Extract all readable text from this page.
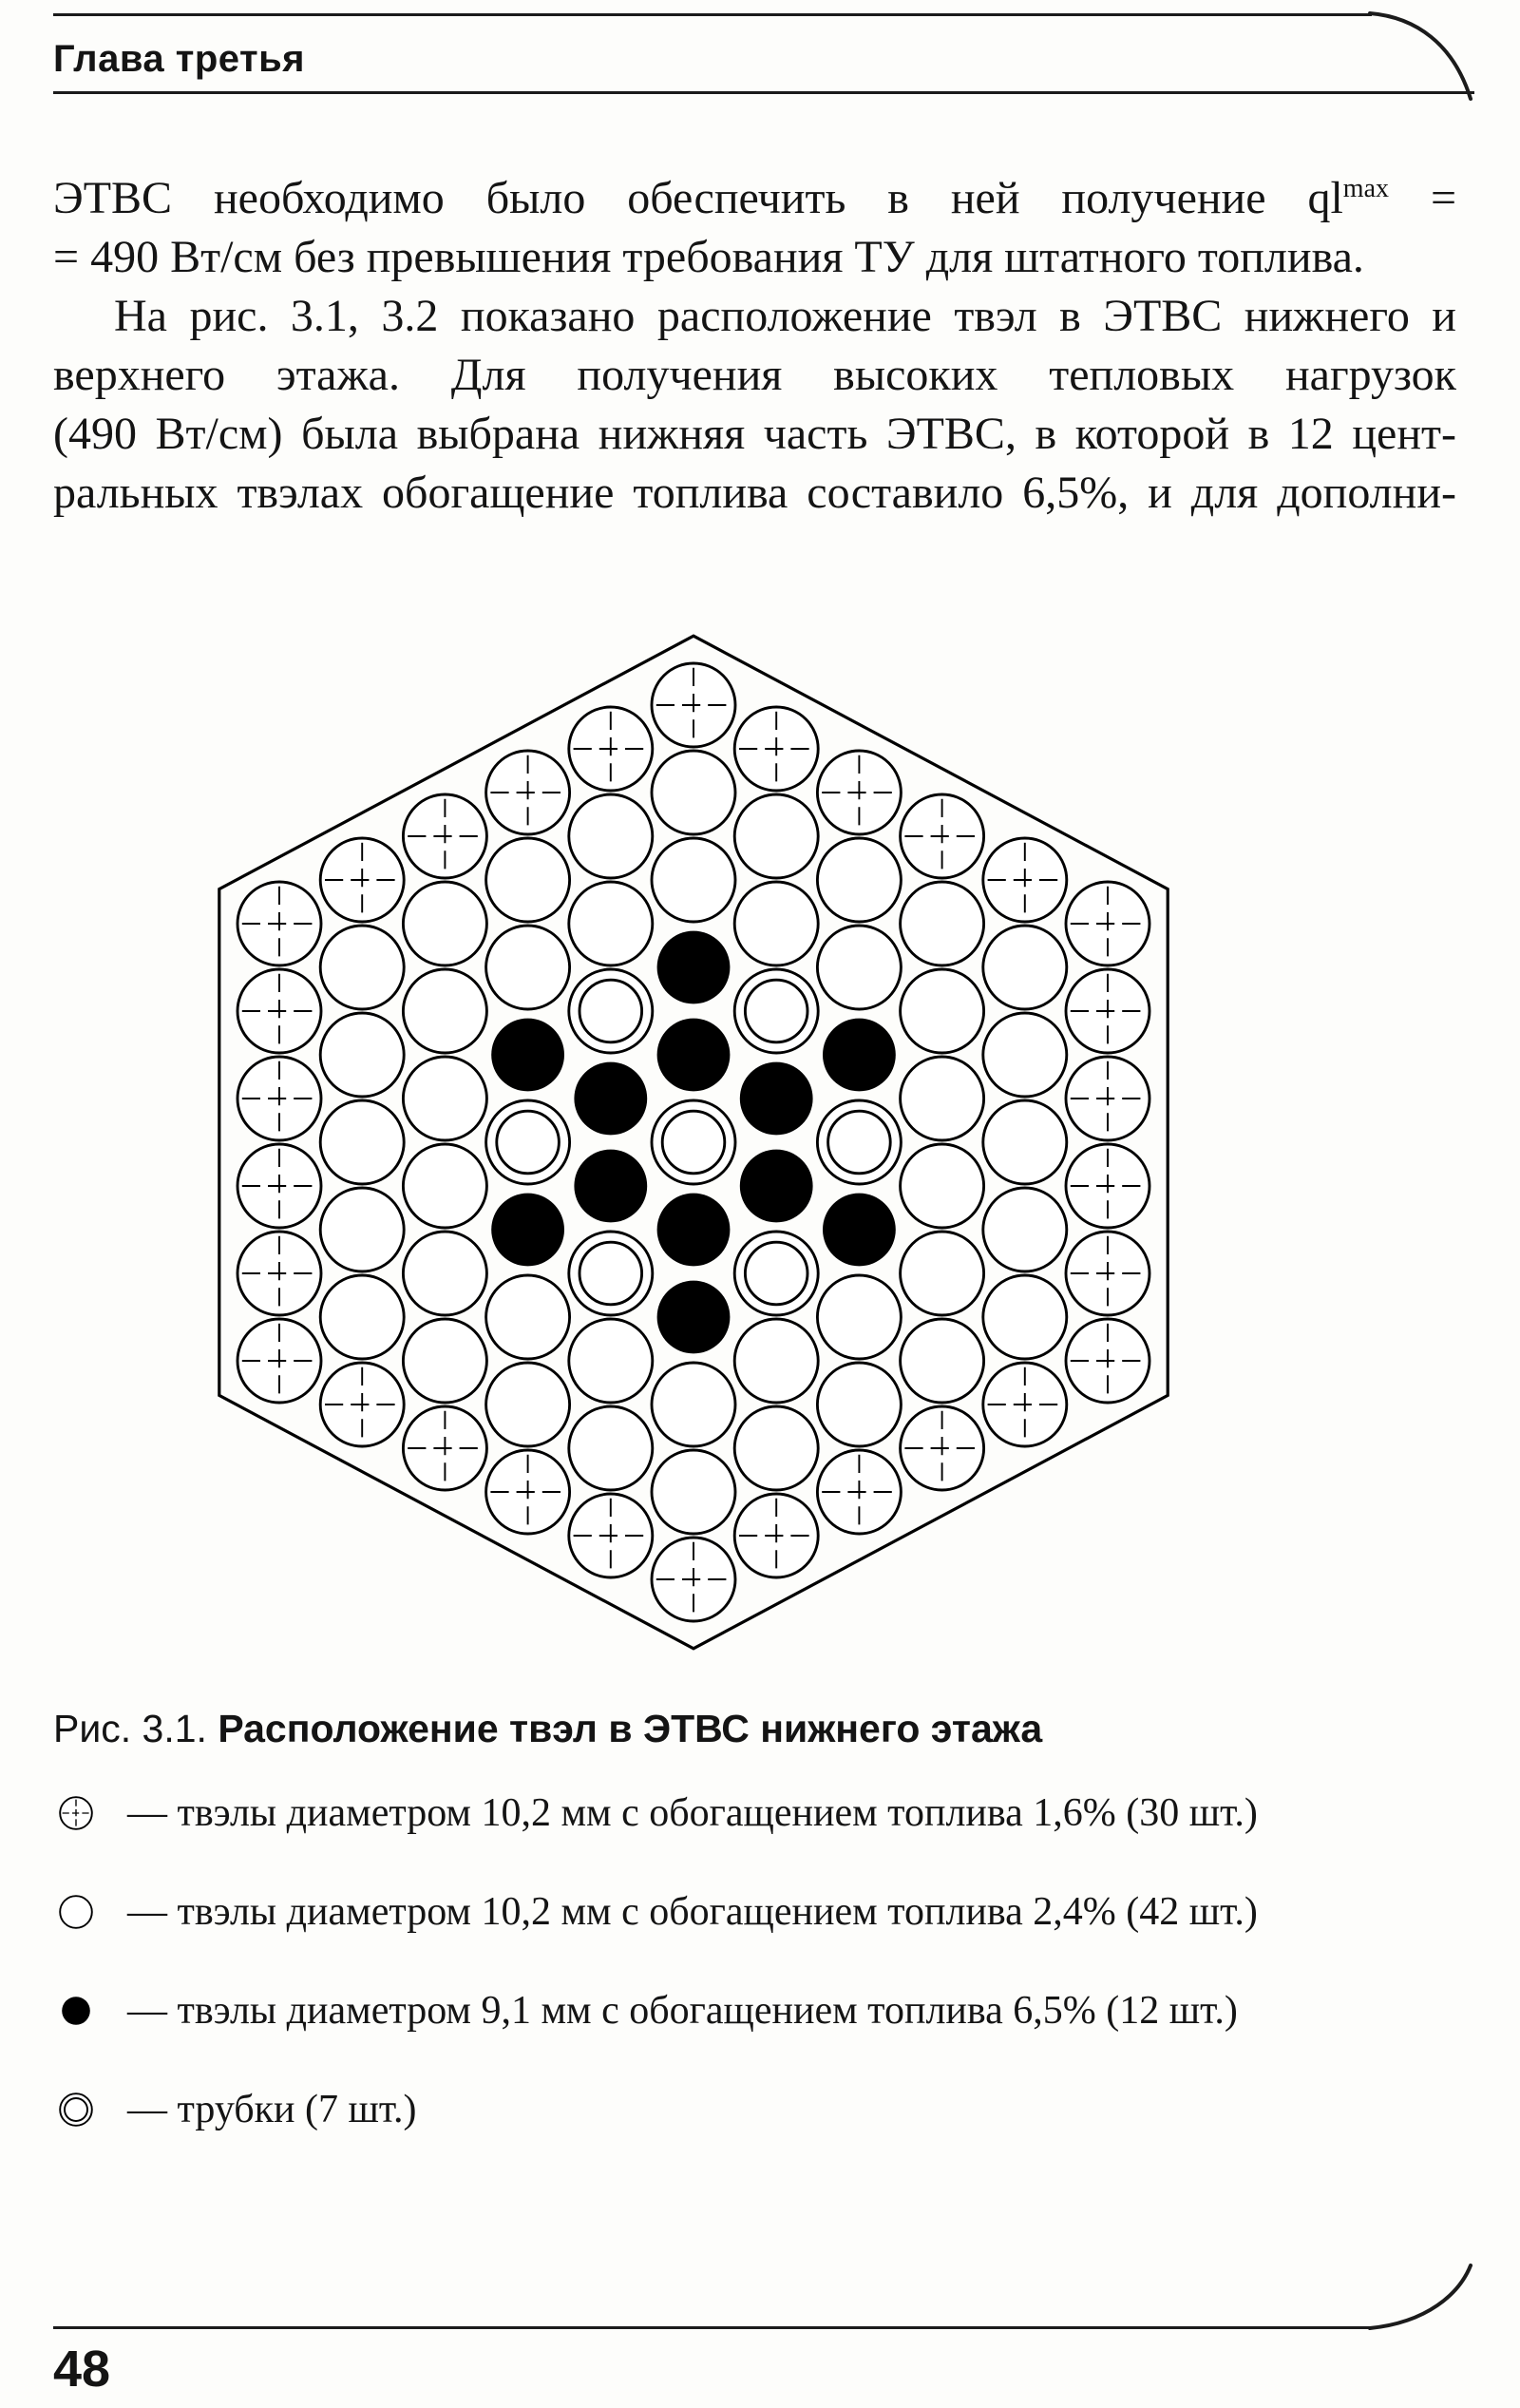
Глава третья
ЭТВС необходимо было обеспечить в ней получение $ql^{max}$ =
= 490 Вт/см без превышения требования ТУ для штатного топлива.
На рис. 3.1, 3.2 показано расположение твэл в ЭТВС нижнего и
верхнего этажа. Для получения высоких тепловых нагрузок
(490 Вт/см) была выбрана нижняя часть ЭТВС, в которой в 12 цент-
ральных твэлах обогащение топлива составило 6,5%, и для дополни-
Рис. 3.1. Расположение твэл в ЭТВС нижнего этажа
— твэлы диаметром 10,2 мм с обогащением топлива 1,6% (30 шт.)
— твэлы диаметром 10,2 мм с обогащением топлива 2,4% (42 шт.)
— твэлы диаметром 9,1 мм с обогащением топлива 6,5% (12 шт.)
— трубки (7 шт.)
48
